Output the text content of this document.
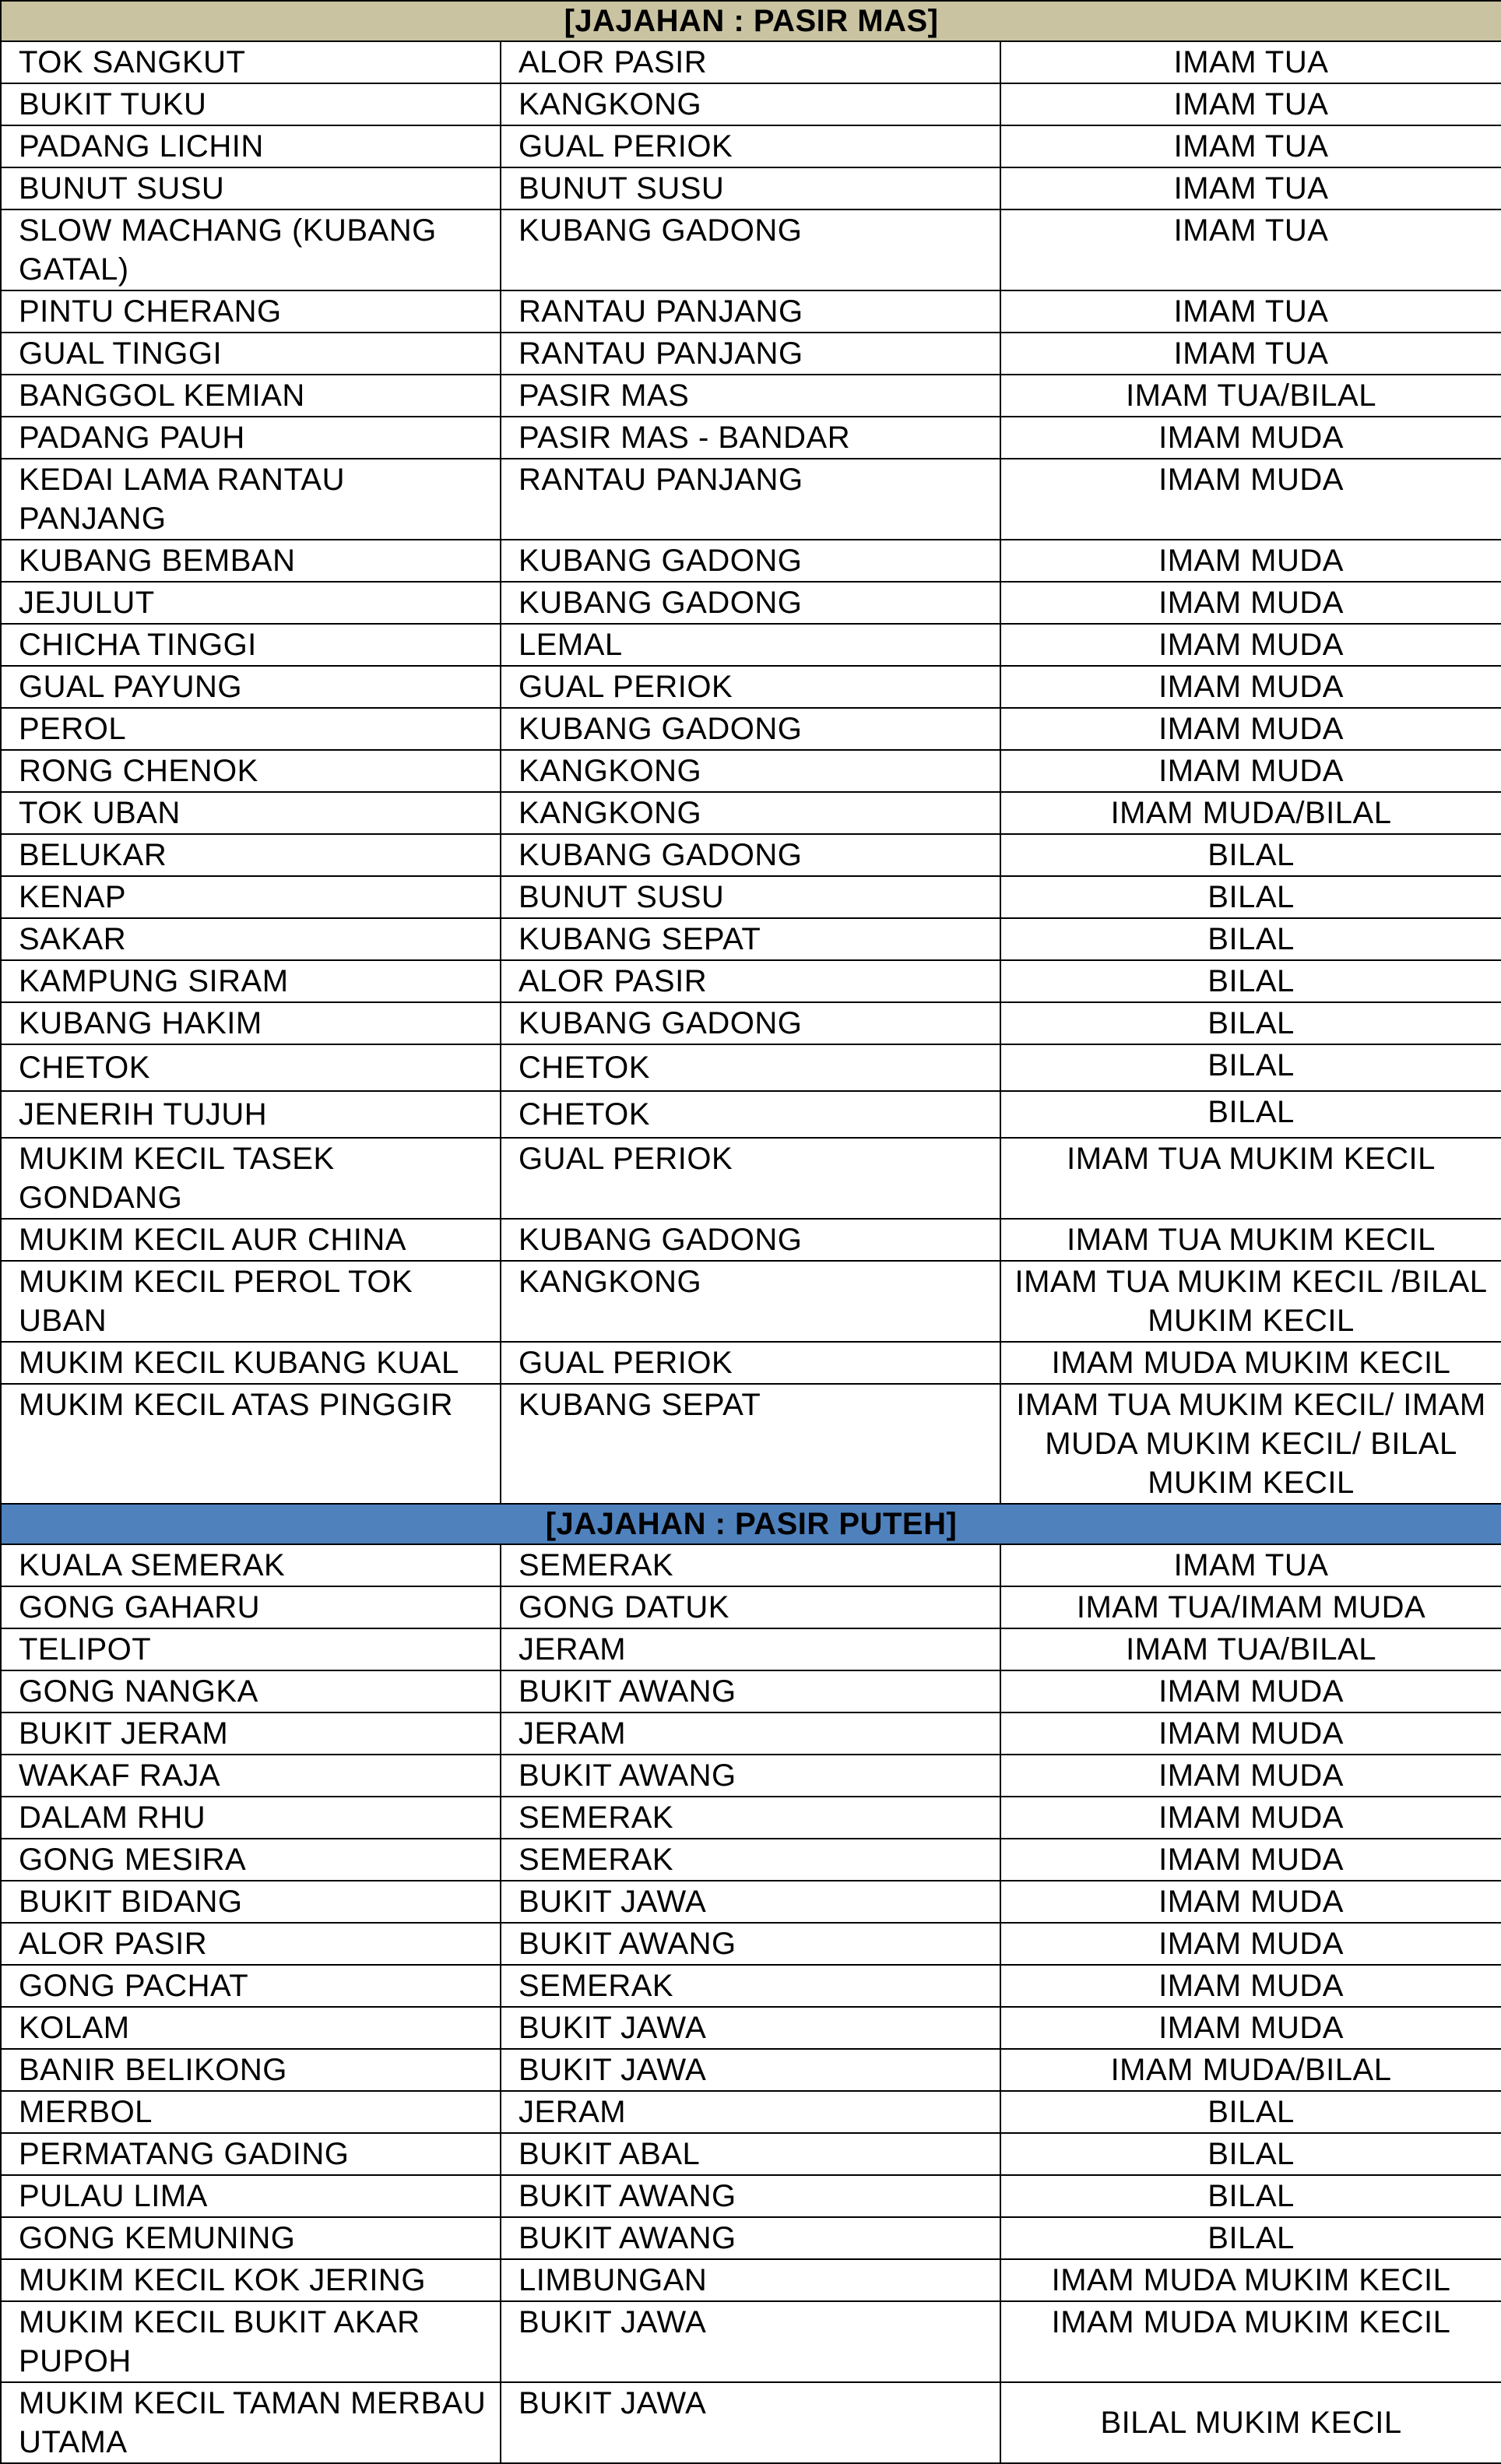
[JAJAHAN : PASIR MAS]		
TOK SANGKUT	ALOR PASIR	IMAM TUA
BUKIT TUKU	KANGKONG	IMAM TUA
PADANG LICHIN	GUAL PERIOK	IMAM TUA
BUNUT SUSU	BUNUT SUSU	IMAM TUA
SLOW MACHANG (KUBANG GATAL)	KUBANG GADONG	IMAM TUA
PINTU CHERANG	RANTAU PANJANG	IMAM TUA
GUAL TINGGI	RANTAU PANJANG	IMAM TUA
BANGGOL KEMIAN	PASIR MAS	IMAM TUA/BILAL
PADANG PAUH	PASIR MAS - BANDAR	IMAM MUDA
KEDAI LAMA RANTAU PANJANG	RANTAU PANJANG	IMAM MUDA
KUBANG BEMBAN	KUBANG GADONG	IMAM MUDA
JEJULUT	KUBANG GADONG	IMAM MUDA
CHICHA TINGGI	LEMAL	IMAM MUDA
GUAL PAYUNG	GUAL PERIOK	IMAM MUDA
PEROL	KUBANG GADONG	IMAM MUDA
RONG CHENOK	KANGKONG	IMAM MUDA
TOK UBAN	KANGKONG	IMAM MUDA/BILAL
BELUKAR	KUBANG GADONG	BILAL
KENAP	BUNUT SUSU	BILAL
SAKAR	KUBANG SEPAT	BILAL
KAMPUNG SIRAM	ALOR PASIR	BILAL
KUBANG HAKIM	KUBANG GADONG	BILAL
CHETOK	CHETOK	BILAL
JENERIH TUJUH	CHETOK	BILAL
MUKIM KECIL TASEK GONDANG	GUAL PERIOK	IMAM TUA MUKIM KECIL
MUKIM KECIL AUR CHINA	KUBANG GADONG	IMAM TUA MUKIM KECIL
MUKIM KECIL PEROL TOK UBAN	KANGKONG	IMAM TUA MUKIM KECIL /BILAL MUKIM KECIL
MUKIM KECIL KUBANG KUAL	GUAL PERIOK	IMAM MUDA MUKIM KECIL
MUKIM KECIL ATAS PINGGIR	KUBANG SEPAT	IMAM TUA MUKIM KECIL/ IMAM MUDA MUKIM KECIL/ BILAL MUKIM KECIL
[JAJAHAN : PASIR PUTEH]		
KUALA SEMERAK	SEMERAK	IMAM TUA
GONG GAHARU	GONG DATUK	IMAM TUA/IMAM MUDA
TELIPOT	JERAM	IMAM TUA/BILAL
GONG NANGKA	BUKIT AWANG	IMAM MUDA
BUKIT JERAM	JERAM	IMAM MUDA
WAKAF RAJA	BUKIT AWANG	IMAM MUDA
DALAM RHU	SEMERAK	IMAM MUDA
GONG MESIRA	SEMERAK	IMAM MUDA
BUKIT BIDANG	BUKIT JAWA	IMAM MUDA
ALOR PASIR	BUKIT AWANG	IMAM MUDA
GONG PACHAT	SEMERAK	IMAM MUDA
KOLAM	BUKIT JAWA	IMAM MUDA
BANIR BELIKONG	BUKIT JAWA	IMAM MUDA/BILAL
MERBOL	JERAM	BILAL
PERMATANG GADING	BUKIT ABAL	BILAL
PULAU LIMA	BUKIT AWANG	BILAL
GONG KEMUNING	BUKIT AWANG	BILAL
MUKIM KECIL KOK JERING	LIMBUNGAN	IMAM MUDA MUKIM KECIL
MUKIM KECIL BUKIT AKAR PUPOH	BUKIT JAWA	IMAM MUDA MUKIM KECIL
MUKIM KECIL TAMAN MERBAU UTAMA	BUKIT JAWA	BILAL MUKIM KECIL
